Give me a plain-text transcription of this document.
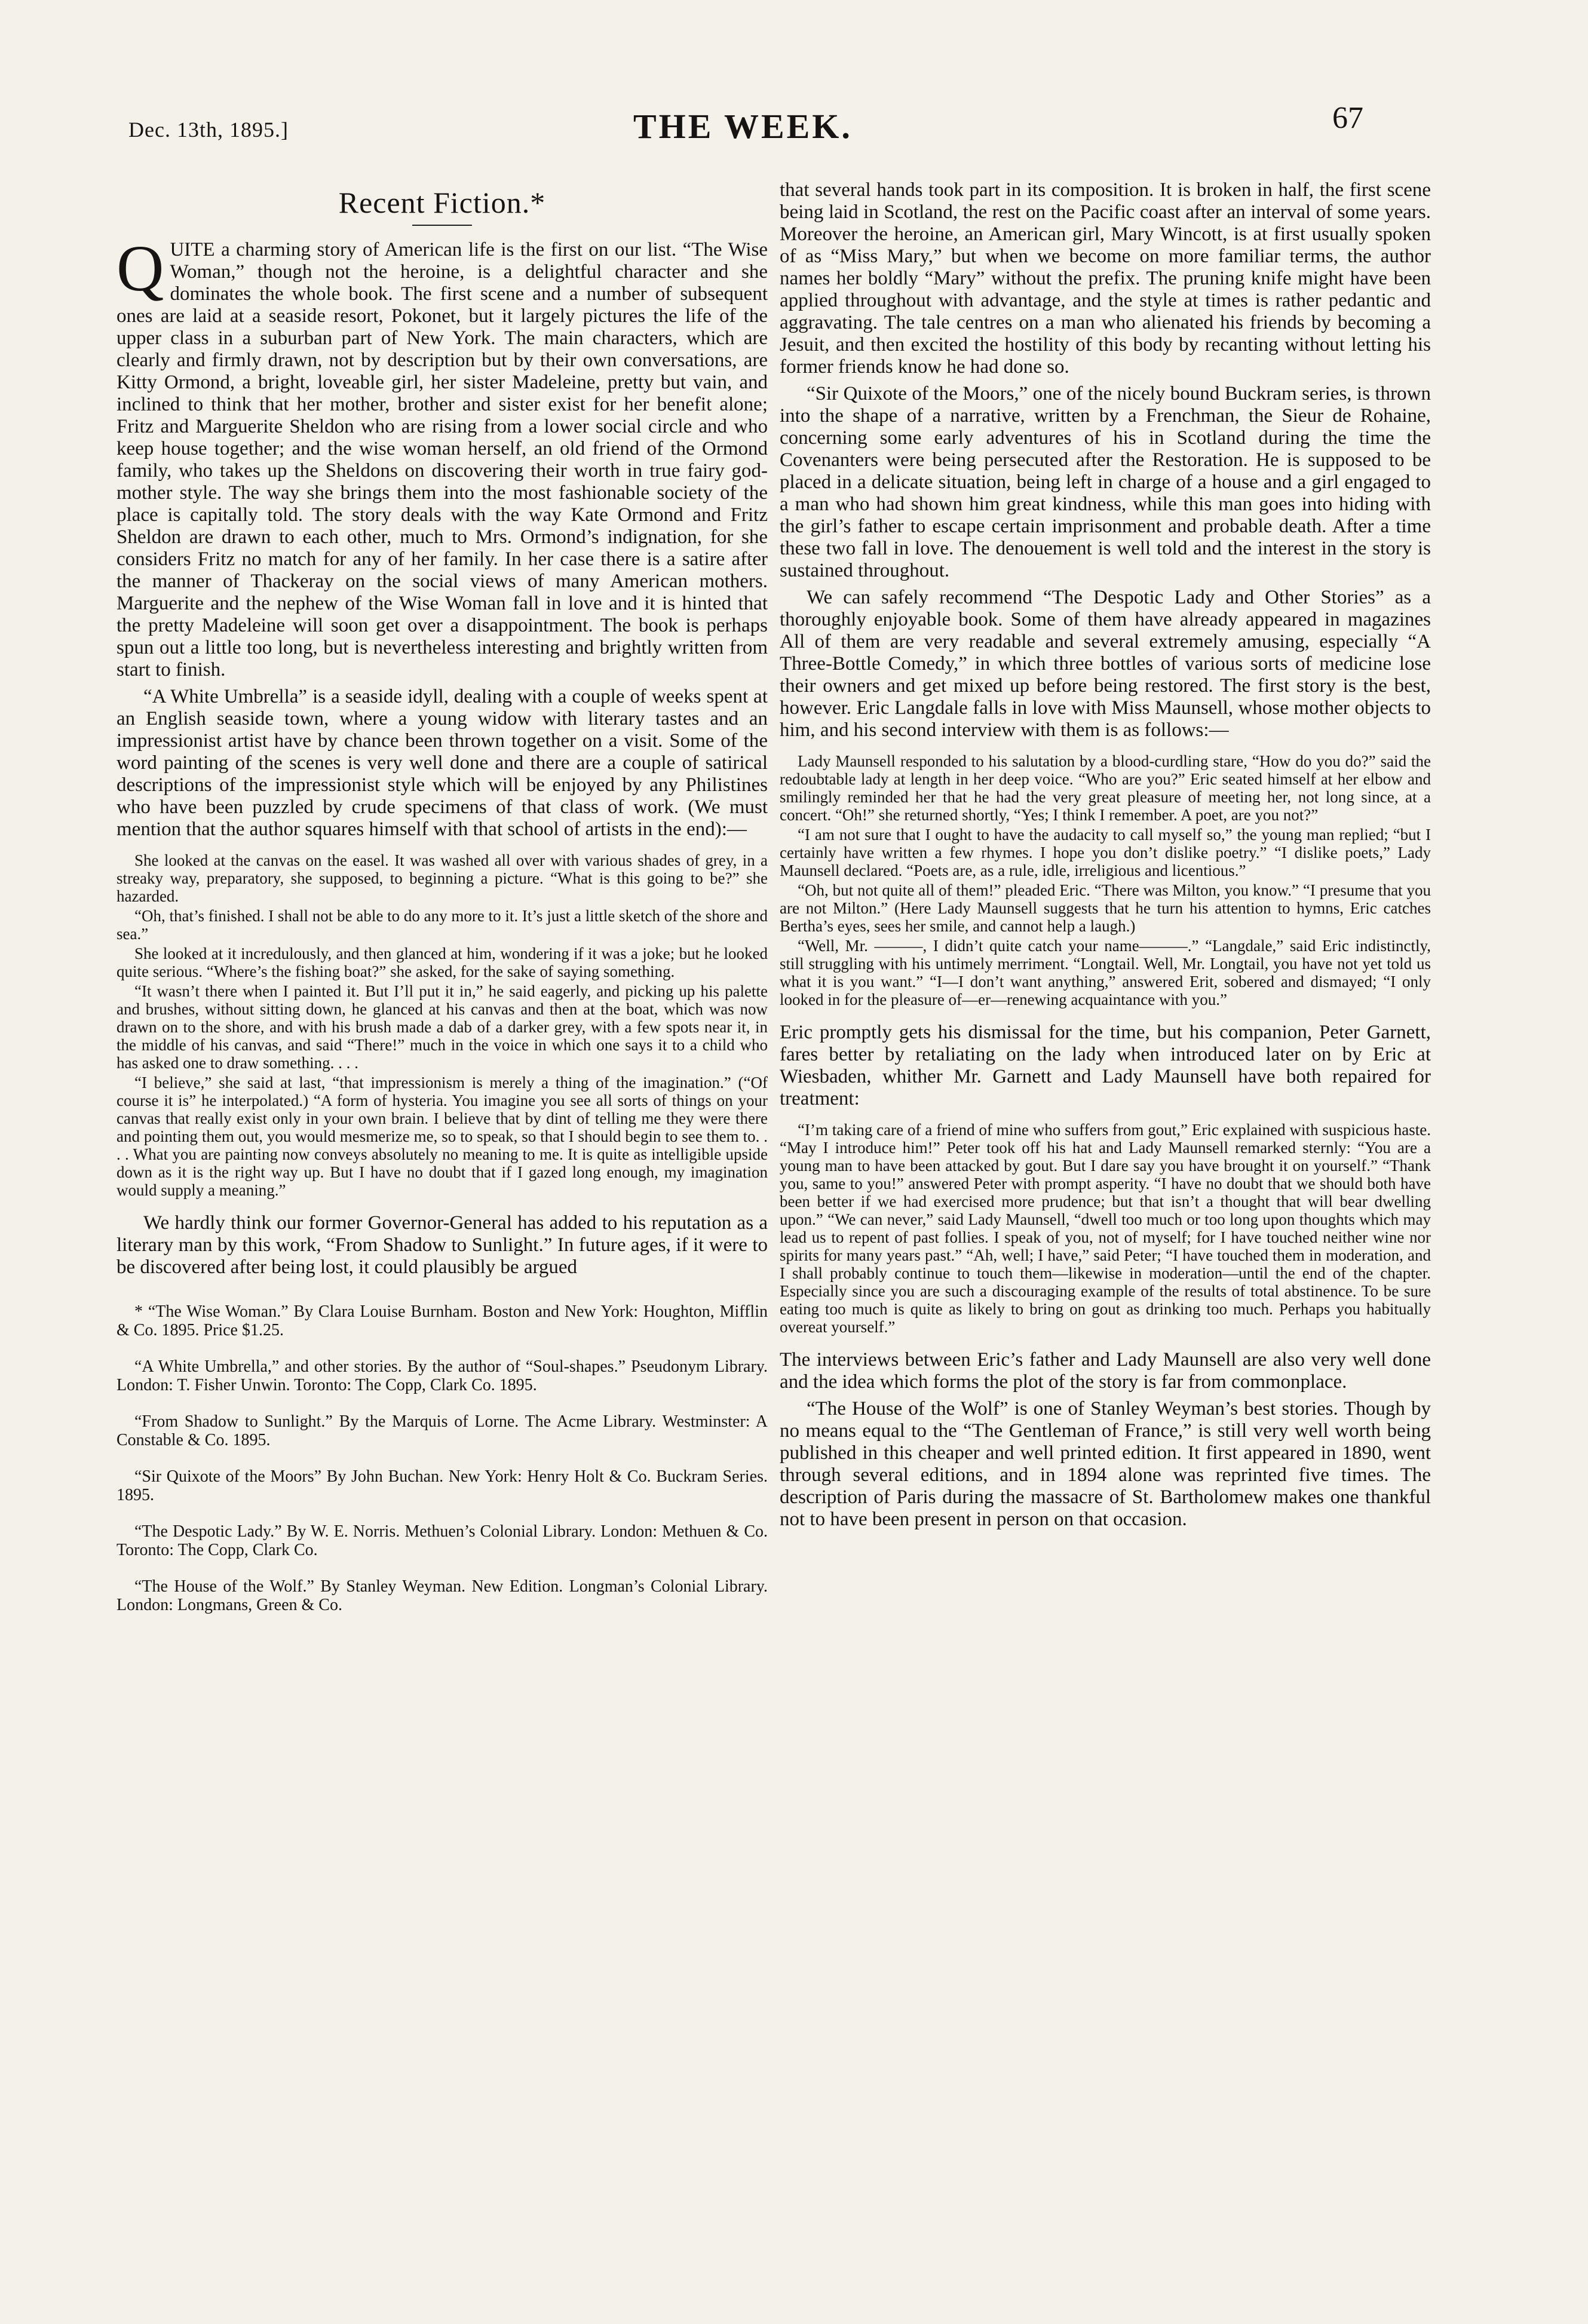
Dec. 13th, 1895.]	THE WEEK.	67
Recent Fiction.*

QUITE a charming story of American life is the first on our list. “The Wise Woman,” though not the heroine, is a delightful character and she dominates the whole book. The first scene and a number of subsequent ones are laid at a seaside resort, Pokonet, but it largely pictures the life of the upper class in a suburban part of New York. The main characters, which are clearly and firmly drawn, not by description but by their own conversations, are Kitty Ormond, a bright, loveable girl, her sister Madeleine, pretty but vain, and inclined to think that her mother, brother and sister exist for her benefit alone; Fritz and Marguerite Sheldon who are rising from a lower social circle and who keep house together; and the wise woman herself, an old friend of the Ormond family, who takes up the Sheldons on discovering their worth in true fairy god-mother style. The way she brings them into the most fashionable society of the place is capitally told. The story deals with the way Kate Ormond and Fritz Sheldon are drawn to each other, much to Mrs. Ormond’s indignation, for she considers Fritz no match for any of her family. In her case there is a satire after the manner of Thackeray on the social views of many American mothers. Marguerite and the nephew of the Wise Woman fall in love and it is hinted that the pretty Madeleine will soon get over a disappointment. The book is perhaps spun out a little too long, but is nevertheless interesting and brightly written from start to finish.

“A White Umbrella” is a seaside idyll, dealing with a couple of weeks spent at an English seaside town, where a young widow with literary tastes and an impressionist artist have by chance been thrown together on a visit. Some of the word painting of the scenes is very well done and there are a couple of satirical descriptions of the impressionist style which will be enjoyed by any Philistines who have been puzzled by crude specimens of that class of work. (We must mention that the author squares himself with that school of artists in the end):—

She looked at the canvas on the easel. It was washed all over with various shades of grey, in a streaky way, preparatory, she supposed, to beginning a picture. “What is this going to be?” she hazarded.

“Oh, that’s finished. I shall not be able to do any more to it. It’s just a little sketch of the shore and sea.”

She looked at it incredulously, and then glanced at him, wondering if it was a joke; but he looked quite serious. “Where’s the fishing boat?” she asked, for the sake of saying something.

“It wasn’t there when I painted it. But I’ll put it in,” he said eagerly, and picking up his palette and brushes, without sitting down, he glanced at his canvas and then at the boat, which was now drawn on to the shore, and with his brush made a dab of a darker grey, with a few spots near it, in the middle of his canvas, and said “There!” much in the voice in which one says it to a child who has asked one to draw something. . . .

“I believe,” she said at last, “that impressionism is merely a thing of the imagination.” (“Of course it is” he interpolated.) “A form of hysteria. You imagine you see all sorts of things on your canvas that really exist only in your own brain. I believe that by dint of telling me they were there and pointing them out, you would mesmerize me, so to speak, so that I should begin to see them to. . . . What you are painting now conveys absolutely no meaning to me. It is quite as intelligible upside down as it is the right way up. But I have no doubt that if I gazed long enough, my imagination would supply a meaning.”

We hardly think our former Governor-General has added to his reputation as a literary man by this work, “From Shadow to Sunlight.” In future ages, if it were to be discovered after being lost, it could plausibly be argued

* “The Wise Woman.” By Clara Louise Burnham. Boston and New York: Houghton, Mifflin & Co. 1895. Price $1.25.

“A White Umbrella,” and other stories. By the author of “Soul-shapes.” Pseudonym Library. London: T. Fisher Unwin. Toronto: The Copp, Clark Co. 1895.

“From Shadow to Sunlight.” By the Marquis of Lorne. The Acme Library. Westminster: A Constable & Co. 1895.

“Sir Quixote of the Moors” By John Buchan. New York: Henry Holt & Co. Buckram Series. 1895.

“The Despotic Lady.” By W. E. Norris. Methuen’s Colonial Library. London: Methuen & Co. Toronto: The Copp, Clark Co.

“The House of the Wolf.” By Stanley Weyman. New Edition. Longman’s Colonial Library. London: Longmans, Green & Co.

that several hands took part in its composition. It is broken in half, the first scene being laid in Scotland, the rest on the Pacific coast after an interval of some years. Moreover the heroine, an American girl, Mary Wincott, is at first usually spoken of as “Miss Mary,” but when we become on more familiar terms, the author names her boldly “Mary” without the prefix. The pruning knife might have been applied throughout with advantage, and the style at times is rather pedantic and aggravating. The tale centres on a man who alienated his friends by becoming a Jesuit, and then excited the hostility of this body by recanting without letting his former friends know he had done so.

“Sir Quixote of the Moors,” one of the nicely bound Buckram series, is thrown into the shape of a narrative, written by a Frenchman, the Sieur de Rohaine, concerning some early adventures of his in Scotland during the time the Covenanters were being persecuted after the Restoration. He is supposed to be placed in a delicate situation, being left in charge of a house and a girl engaged to a man who had shown him great kindness, while this man goes into hiding with the girl’s father to escape certain imprisonment and probable death. After a time these two fall in love. The denouement is well told and the interest in the story is sustained throughout.

We can safely recommend “The Despotic Lady and Other Stories” as a thoroughly enjoyable book. Some of them have already appeared in magazines All of them are very readable and several extremely amusing, especially “A Three-Bottle Comedy,” in which three bottles of various sorts of medicine lose their owners and get mixed up before being restored. The first story is the best, however. Eric Langdale falls in love with Miss Maunsell, whose mother objects to him, and his second interview with them is as follows:—

Lady Maunsell responded to his salutation by a blood-curdling stare, “How do you do?” said the redoubtable lady at length in her deep voice. “Who are you?” Eric seated himself at her elbow and smilingly reminded her that he had the very great pleasure of meeting her, not long since, at a concert. “Oh!” she returned shortly, “Yes; I think I remember. A poet, are you not?”

“I am not sure that I ought to have the audacity to call myself so,” the young man replied; “but I certainly have written a few rhymes. I hope you don’t dislike poetry.” “I dislike poets,” Lady Maunsell declared. “Poets are, as a rule, idle, irreligious and licentious.”

“Oh, but not quite all of them!” pleaded Eric. “There was Milton, you know.” “I presume that you are not Milton.” (Here Lady Maunsell suggests that he turn his attention to hymns, Eric catches Bertha’s eyes, sees her smile, and cannot help a laugh.)

“Well, Mr. ———, I didn’t quite catch your name———.” “Langdale,” said Eric indistinctly, still struggling with his untimely merriment. “Longtail. Well, Mr. Longtail, you have not yet told us what it is you want.” “I—I don’t want anything,” answered Erit, sobered and dismayed; “I only looked in for the pleasure of—er—renewing acquaintance with you.”

Eric promptly gets his dismissal for the time, but his companion, Peter Garnett, fares better by retaliating on the lady when introduced later on by Eric at Wiesbaden, whither Mr. Garnett and Lady Maunsell have both repaired for treatment:

“I’m taking care of a friend of mine who suffers from gout,” Eric explained with suspicious haste. “May I introduce him!” Peter took off his hat and Lady Maunsell remarked sternly: “You are a young man to have been attacked by gout. But I dare say you have brought it on yourself.” “Thank you, same to you!” answered Peter with prompt asperity. “I have no doubt that we should both have been better if we had exercised more prudence; but that isn’t a thought that will bear dwelling upon.” “We can never,” said Lady Maunsell, “dwell too much or too long upon thoughts which may lead us to repent of past follies. I speak of you, not of myself; for I have touched neither wine nor spirits for many years past.” “Ah, well; I have,” said Peter; “I have touched them in moderation, and I shall probably continue to touch them—likewise in moderation—until the end of the chapter. Especially since you are such a discouraging example of the results of total abstinence. To be sure eating too much is quite as likely to bring on gout as drinking too much. Perhaps you habitually overeat yourself.”

The interviews between Eric’s father and Lady Maunsell are also very well done and the idea which forms the plot of the story is far from commonplace.

“The House of the Wolf” is one of Stanley Weyman’s best stories. Though by no means equal to the “The Gentleman of France,” is still very well worth being published in this cheaper and well printed edition. It first appeared in 1890, went through several editions, and in 1894 alone was reprinted five times. The description of Paris during the massacre of St. Bartholomew makes one thankful not to have been present in person on that occasion.
